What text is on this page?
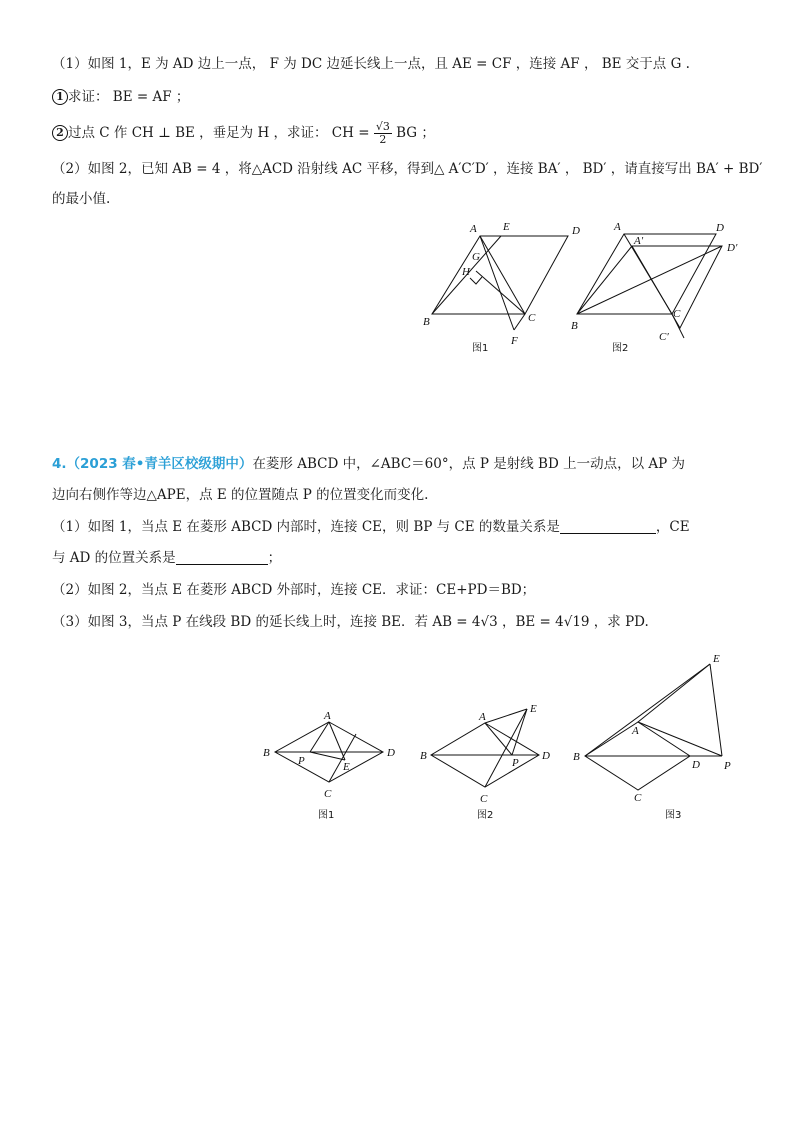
（1）如图 1，E 为 AD 边上一点， F 为 DC 边延长线上一点，且 AE = CF ，连接 AF ， BE 交于点 G .
1 求证： BE = AF ；
2 过点 C 作 CH ⊥ BE ，垂足为 H ，求证： CH = $\frac{√3}{2}$ BG ；
（2）如图 2，已知 AB = 4 ，将△ACD 沿射线 AC 平移，得到△ A′C′D′ ，连接 BA′ ， BD′ ，请直接写出 BA′ + BD′
的最小值.
A E	D
G
H
B	C
F
图1
A
A′
D
D′
B
C
C′
图2
4.（2023 春•青羊区校级期中）在菱形 ABCD 中，∠ABC＝60°，点 P 是射线 BD 上一动点，以 AP 为
边向右侧作等边△APE，点 E 的位置随点 P 的位置变化而变化.
（1）如图 1，当点 E 在菱形 ABCD 内部时，连接 CE，则 BP 与 CE 的数量关系是	，CE
与 AD 的位置关系是	；
（2）如图 2，当点 E 在菱形 ABCD 外部时，连接 CE．求证：CE+PD＝BD；
（3）如图 3，当点 P 在线段 BD 的延长线上时，连接 BE．若 AB = 4√3 ，BE = 4√19 ，求 PD.
A
B
P	E
D
C
图1
A
E
B
P
D
C
图2
E
A
B
D P
C
图3
